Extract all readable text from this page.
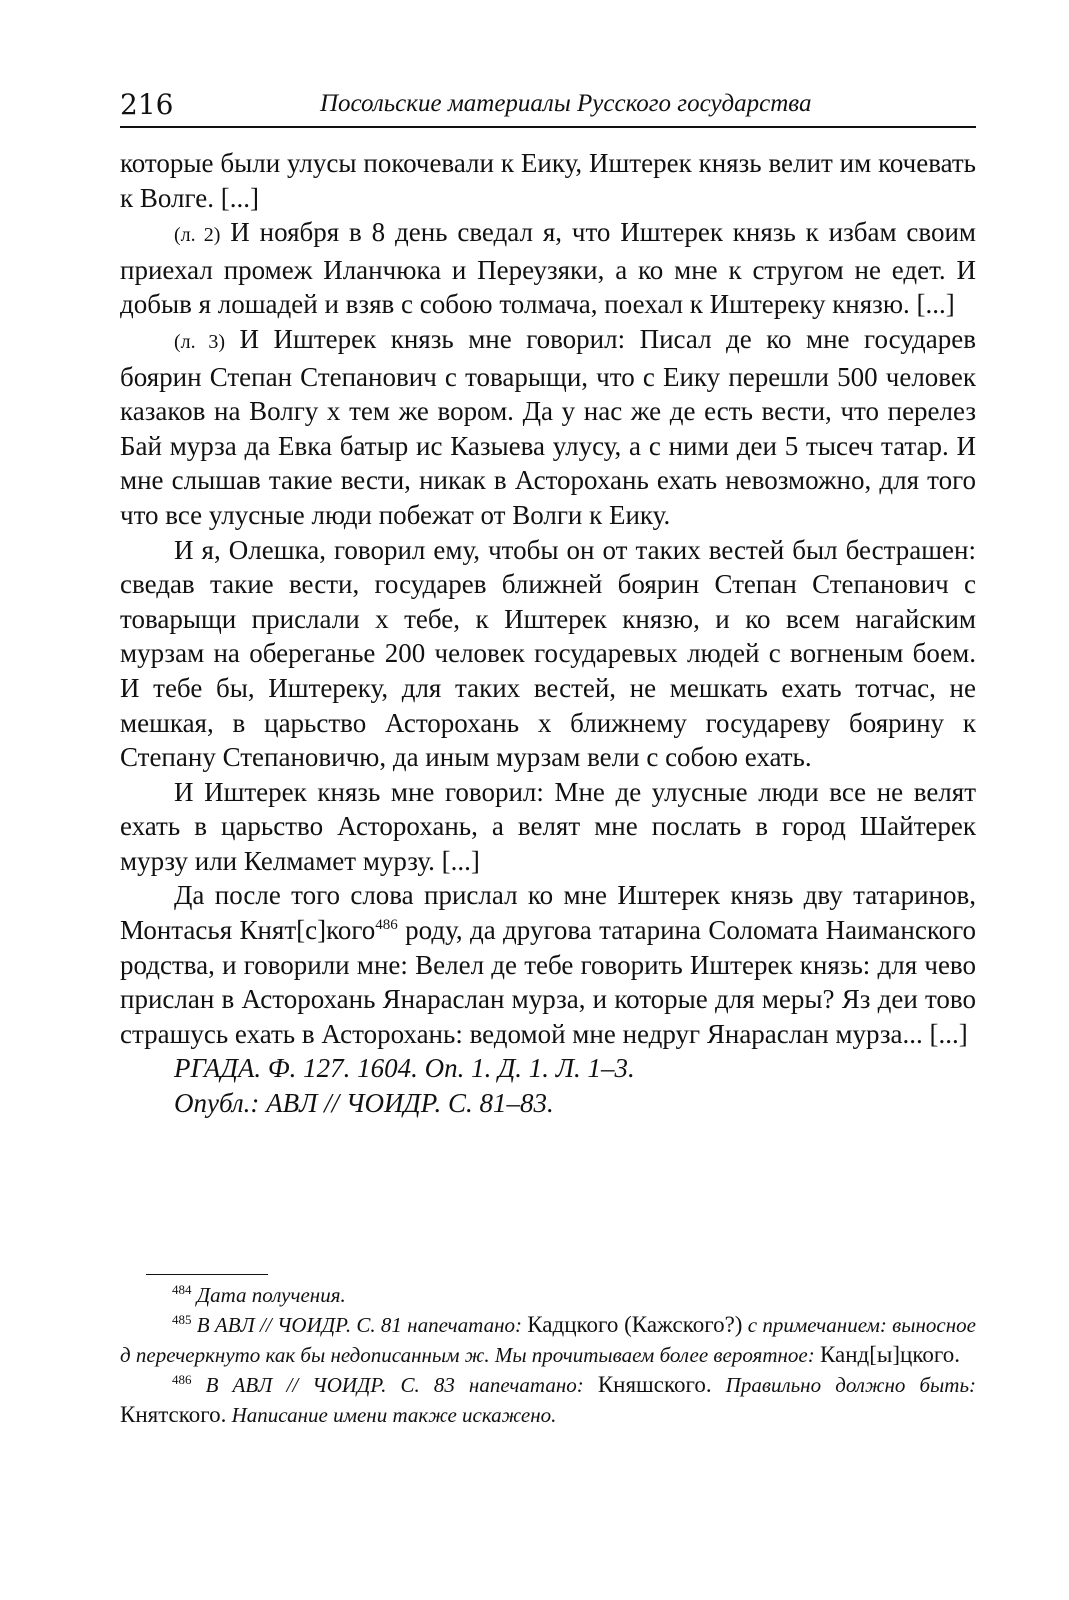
216	Посольские материалы Русского государства

которые были улусы покочевали к Еику, Иштерек князь велит им кочевать к Волге. [...]

(л. 2) И ноября в 8 день сведал я, что Иштерек князь к избам своим приехал промеж Иланчюка и Переузяки, а ко мне к стругом не едет. И добыв я лошадей и взяв с собою толмача, поехал к Иштереку князю. [...]

(л. 3) И Иштерек князь мне говорил: Писал де ко мне государев боярин Степан Степанович с товарыщи, что с Еику перешли 500 человек казаков на Волгу х тем же вором. Да у нас же де есть вести, что перелез Бай мурза да Евка батыр ис Казыева улусу, а с ними деи 5 тысеч татар. И мне слышав такие вести, никак в Асторохань ехать невозможно, для того что все улусные люди побежат от Волги к Еику.

И я, Олешка, говорил ему, чтобы он от таких вестей был бестрашен: сведав такие вести, государев ближней боярин Степан Степанович с товарыщи прислали х тебе, к Иштерек князю, и ко всем нагайским мурзам на обереганье 200 человек государевых людей с вогненым боем. И тебе бы, Иштереку, для таких вестей, не мешкать ехать тотчас, не мешкая, в царьство Асторохань х ближнему государеву боярину к Степану Степановичю, да иным мурзам вели с собою ехать.

И Иштерек князь мне говорил: Мне де улусные люди все не велят ехать в царьство Асторохань, а велят мне послать в город Шайтерек мурзу или Келмамет мурзу. [...]

Да после того слова прислал ко мне Иштерек князь дву татаринов, Монтасья Княт[с]кого$^{486}$ роду, да другова татарина Соломата Наиманского родства, и говорили мне: Велел де тебе говорить Иштерек князь: для чево прислан в Асторохань Янараслан мурза, и которые для меры? Яз деи тово страшусь ехать в Асторохань: ведомой мне недруг Янараслан мурза... [...]

РГАДА. Ф. 127. 1604. Оп. 1. Д. 1. Л. 1–3.

Опубл.: АВЛ // ЧОИДР. С. 81–83.

$^{484}$ Дата получения.

$^{485}$ В АВЛ // ЧОИДР. С. 81 напечатано: Кадцкого (Кажского?) с примечанием: выносное д перечеркнуто как бы недописанным ж. Мы прочитываем более вероятное: Канд[ы]цкого.

$^{486}$ В АВЛ // ЧОИДР. С. 83 напечатано: Княшского. Правильно должно быть: Княтского. Написание имени также искажено.
